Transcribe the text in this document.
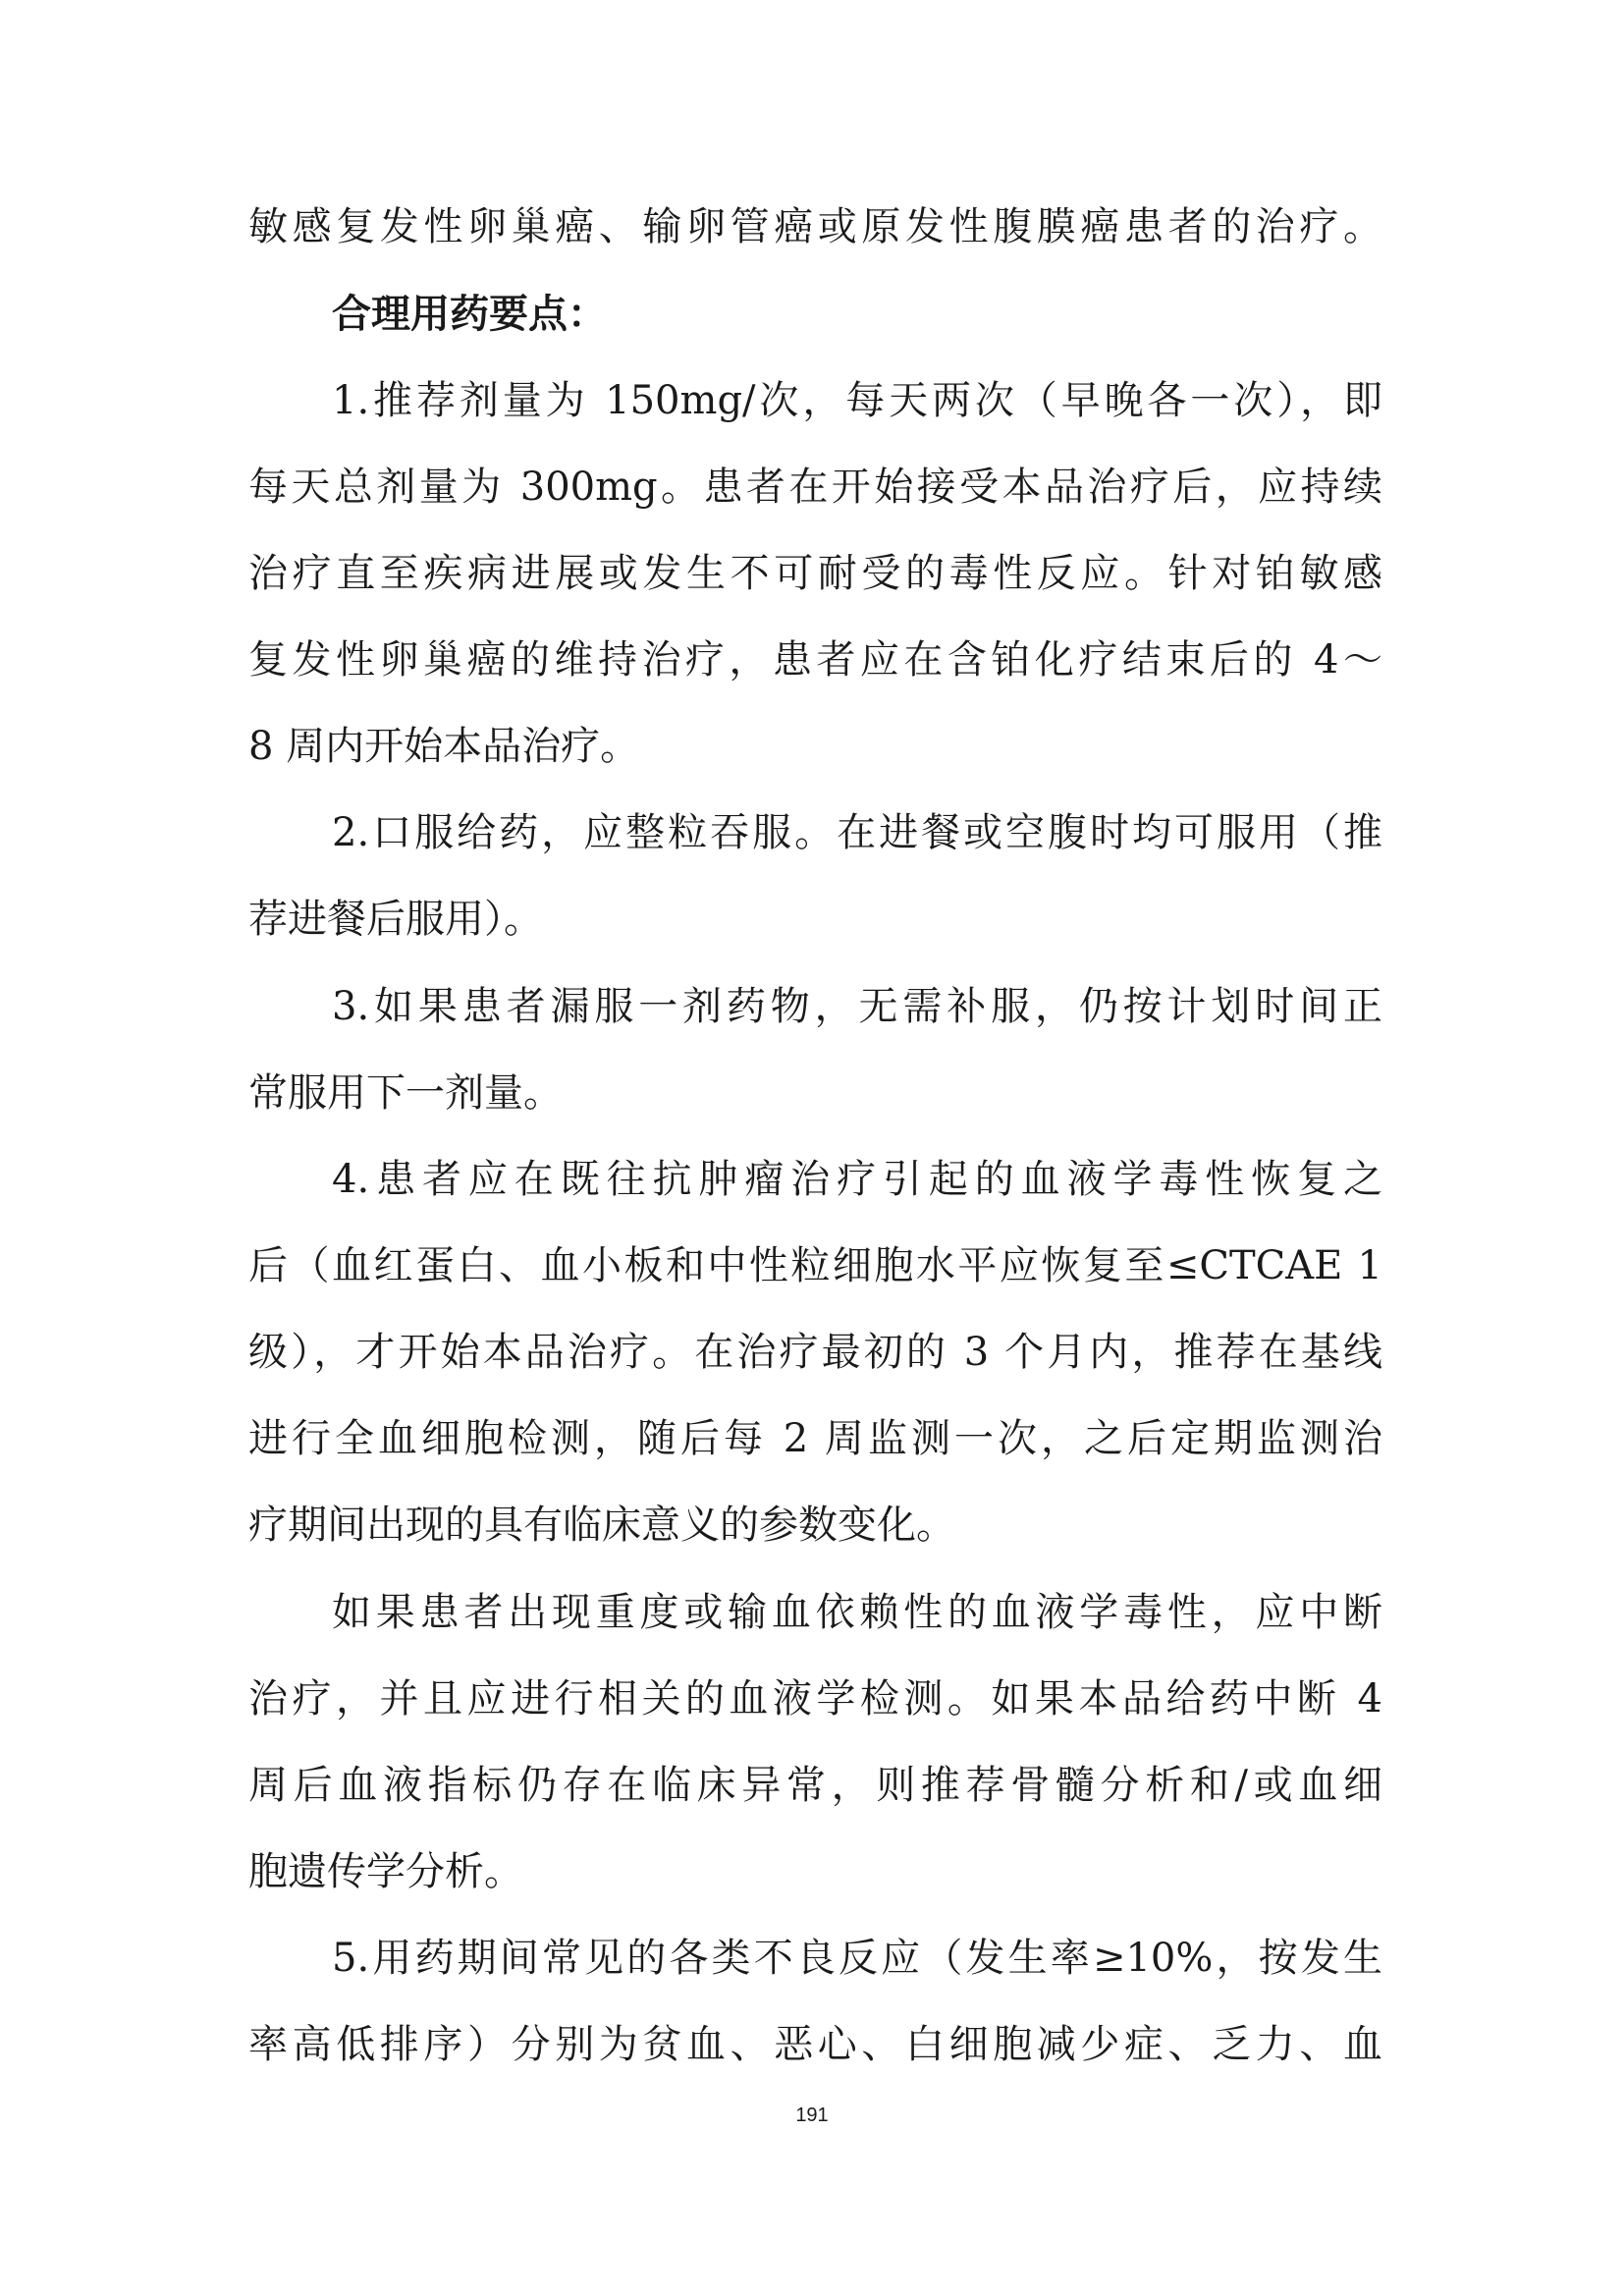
敏感复发性卵巢癌、输卵管癌或原发性腹膜癌患者的治疗。
合理用药要点：
1.推荐剂量为 150mg/次，每天两次（早晚各一次），即
每天总剂量为 300mg。患者在开始接受本品治疗后，应持续
治疗直至疾病进展或发生不可耐受的毒性反应。针对铂敏感
复发性卵巢癌的维持治疗，患者应在含铂化疗结束后的 4～
8 周内开始本品治疗。
2.口服给药，应整粒吞服。在进餐或空腹时均可服用（推
荐进餐后服用）。
3.如果患者漏服一剂药物，无需补服，仍按计划时间正
常服用下一剂量。
4.患者应在既往抗肿瘤治疗引起的血液学毒性恢复之
后（血红蛋白、血小板和中性粒细胞水平应恢复至≤CTCAE 1
级），才开始本品治疗。在治疗最初的 3 个月内，推荐在基线
进行全血细胞检测，随后每 2 周监测一次，之后定期监测治
疗期间出现的具有临床意义的参数变化。
如果患者出现重度或输血依赖性的血液学毒性，应中断
治疗，并且应进行相关的血液学检测。如果本品给药中断 4
周后血液指标仍存在临床异常，则推荐骨髓分析和/或血细
胞遗传学分析。
5.用药期间常见的各类不良反应（发生率≥10%，按发生
率高低排序）分别为贫血、恶心、白细胞减少症、乏力、血
191
